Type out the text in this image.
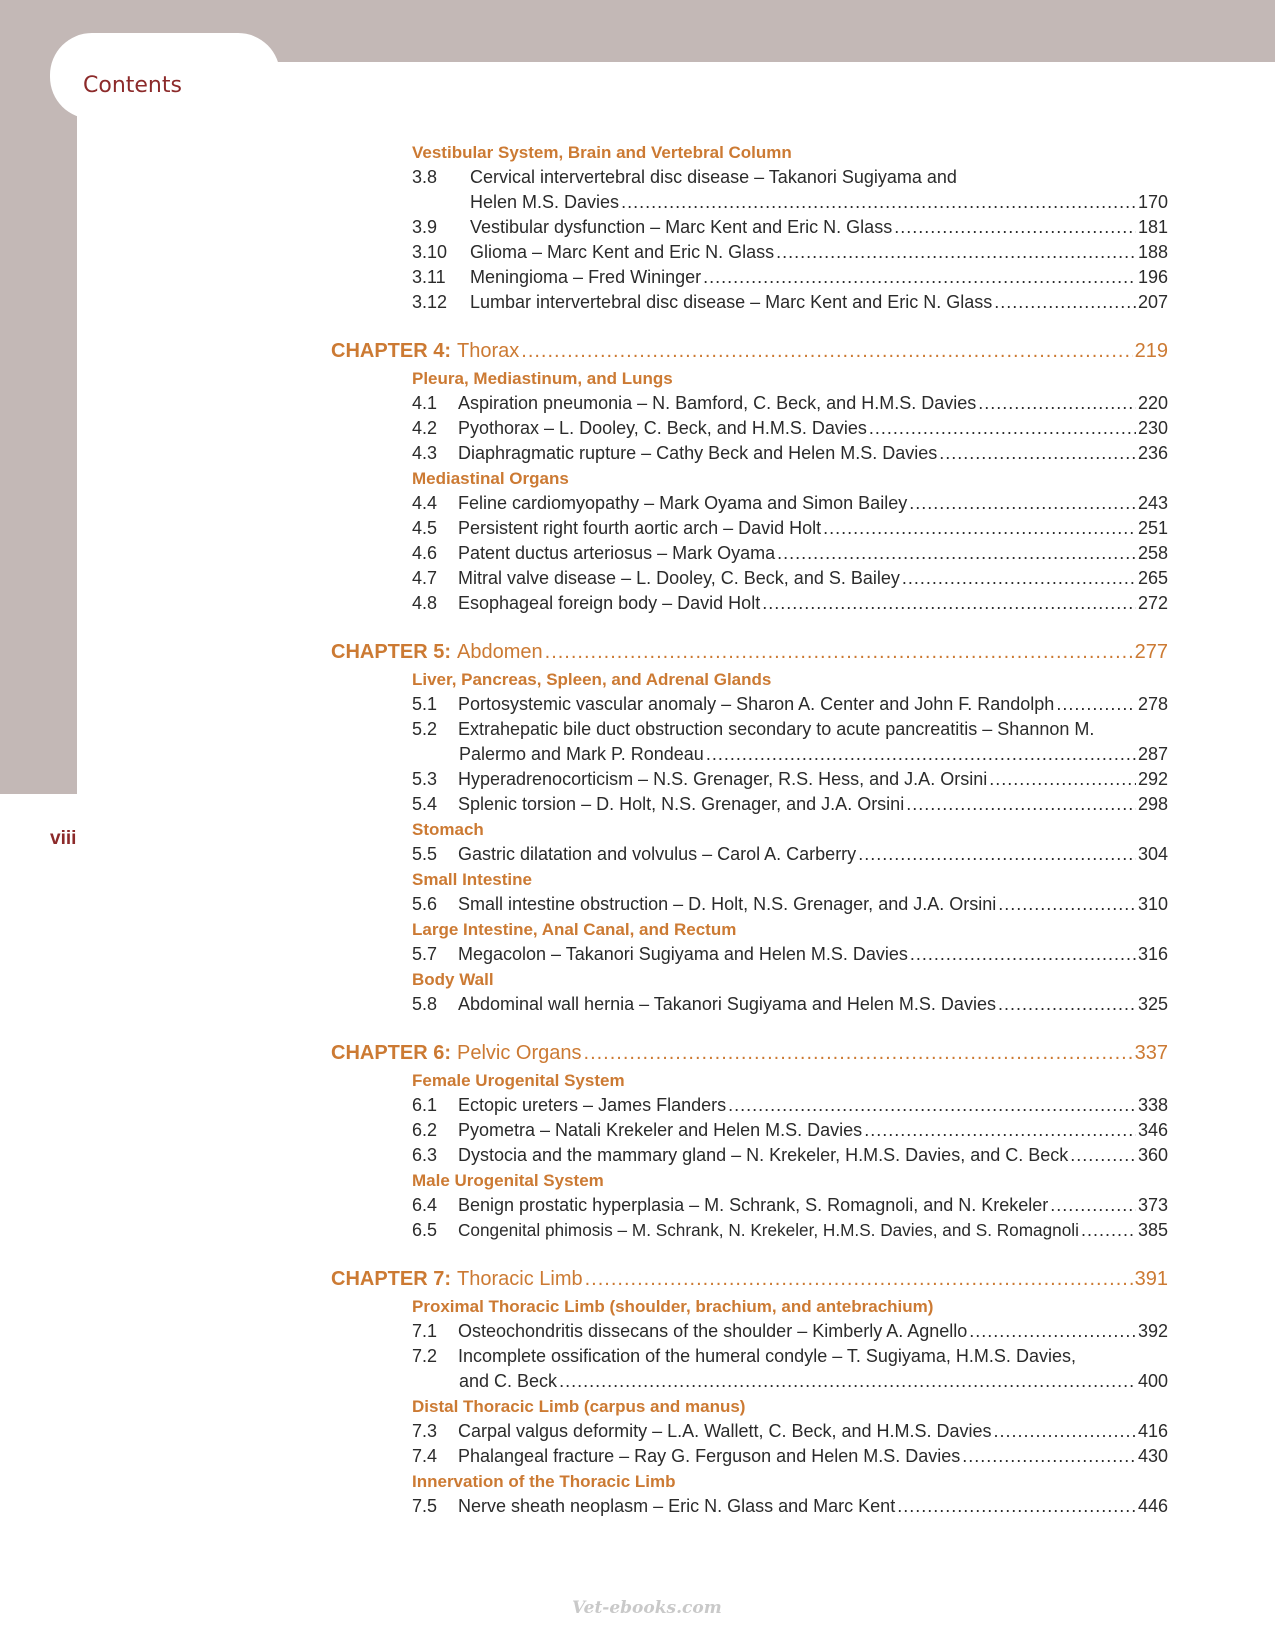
Contents
viii
Vestibular System, Brain and Vertebral Column
3.8	Cervical intervertebral disc disease – Takanori Sugiyama and
Helen M.S. Davies .....	170
3.9	Vestibular dysfunction – Marc Kent and Eric N. Glass .....	181
3.10	Glioma – Marc Kent and Eric N. Glass .....	188
3.11	Meningioma – Fred Wininger .....	196
3.12	Lumbar intervertebral disc disease – Marc Kent and Eric N. Glass .....	207
CHAPTER 4: Thorax .....	219
Pleura, Mediastinum, and Lungs
4.1	Aspiration pneumonia – N. Bamford, C. Beck, and H.M.S. Davies .....	220
4.2	Pyothorax – L. Dooley, C. Beck, and H.M.S. Davies .....	230
4.3	Diaphragmatic rupture – Cathy Beck and Helen M.S. Davies .....	236
Mediastinal Organs
4.4	Feline cardiomyopathy – Mark Oyama and Simon Bailey .....	243
4.5	Persistent right fourth aortic arch – David Holt .....	251
4.6	Patent ductus arteriosus – Mark Oyama .....	258
4.7	Mitral valve disease – L. Dooley, C. Beck, and S. Bailey .....	265
4.8	Esophageal foreign body – David Holt .....	272
CHAPTER 5: Abdomen .....	277
Liver, Pancreas, Spleen, and Adrenal Glands
5.1	Portosystemic vascular anomaly – Sharon A. Center and John F. Randolph .....	278
5.2	Extrahepatic bile duct obstruction secondary to acute pancreatitis – Shannon M.
Palermo and Mark P. Rondeau .....	287
5.3	Hyperadrenocorticism – N.S. Grenager, R.S. Hess, and J.A. Orsini .....	292
5.4	Splenic torsion – D. Holt, N.S. Grenager, and J.A. Orsini .....	298
Stomach
5.5	Gastric dilatation and volvulus – Carol A. Carberry .....	304
Small Intestine
5.6	Small intestine obstruction – D. Holt, N.S. Grenager, and J.A. Orsini .....	310
Large Intestine, Anal Canal, and Rectum
5.7	Megacolon – Takanori Sugiyama and Helen M.S. Davies .....	316
Body Wall
5.8	Abdominal wall hernia – Takanori Sugiyama and Helen M.S. Davies .....	325
CHAPTER 6: Pelvic Organs .....	337
Female Urogenital System
6.1	Ectopic ureters – James Flanders .....	338
6.2	Pyometra – Natali Krekeler and Helen M.S. Davies .....	346
6.3	Dystocia and the mammary gland – N. Krekeler, H.M.S. Davies, and C. Beck .....	360
Male Urogenital System
6.4	Benign prostatic hyperplasia – M. Schrank, S. Romagnoli, and N. Krekeler .....	373
6.5	Congenital phimosis – M. Schrank, N. Krekeler, H.M.S. Davies, and S. Romagnoli .....	385
CHAPTER 7: Thoracic Limb .....	391
Proximal Thoracic Limb (shoulder, brachium, and antebrachium)
7.1	Osteochondritis dissecans of the shoulder – Kimberly A. Agnello .....	392
7.2	Incomplete ossification of the humeral condyle – T. Sugiyama, H.M.S. Davies,
and C. Beck .....	400
Distal Thoracic Limb (carpus and manus)
7.3	Carpal valgus deformity – L.A. Wallett, C. Beck, and H.M.S. Davies .....	416
7.4	Phalangeal fracture – Ray G. Ferguson and Helen M.S. Davies .....	430
Innervation of the Thoracic Limb
7.5	Nerve sheath neoplasm – Eric N. Glass and Marc Kent .....	446
Vet-ebooks.com
